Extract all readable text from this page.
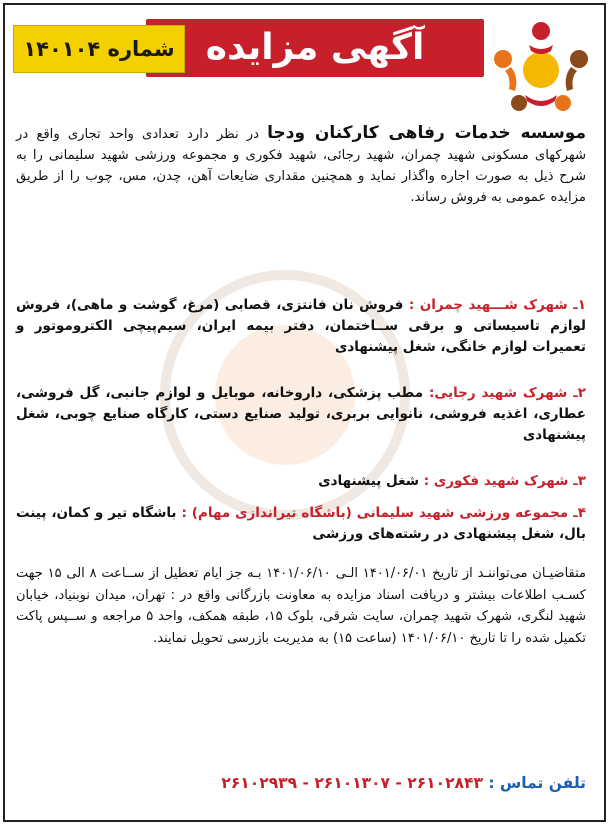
آگهی مزایده
شماره ۱۴۰۱۰۴
موسسه خدمات رفاهی کارکنان ودجا در نظر دارد تعدادی واحد تجاری واقع در شهرکهای مسکونی شهید چمران، شهید رجائی، شهید فکوری و مجموعه ورزشی شهید سلیمانی را به شرح ذیل به صورت اجاره واگذار نماید و همچنین مقداری ضایعات آهن، چدن، مس، چوب را از طریق مزایده عمومی به فروش رساند.
۱ـ شهرک شـــهید چمران : فروش نان فانتزی، قصابی (مرغ، گوشت و ماهی)، فروش لوازم تاسیساتی و برقی ســاختمان، دفتر بیمه ایران، سیم‌پیچی الکتروموتور و تعمیرات لوازم خانگی، شغل پیشنهادی
۲ـ شهرک شهید رجایی: مطب پزشکی، داروخانه، موبایل و لوازم جانبی، گل فروشی، عطاری، اغذیه فروشی، نانوایی بربری، تولید صنایع دستی، کارگاه صنایع چوبی، شغل پیشنهادی
۳ـ شهرک شهید فکوری : شغل پیشنهادی
۴ـ مجموعه ورزشی شهید سلیمانی (باشگاه تیراندازی مهام) : باشگاه تیر و کمان، پینت بال، شغل پیشنهادی در رشته‌های ورزشی
متقاضیـان می‌تواننـد از تاریخ ۱۴۰۱/۰۶/۰۱ الـی ۱۴۰۱/۰۶/۱۰ بـه جز ایام تعطیل از ســاعت ۸ الی ۱۵ جهت کسـب اطلاعات بیشتر و دریافت اسناد مزایده به معاونت بازرگانی واقع در : تهران، میدان نوبنیاد، خیابان شهید لنگری، شهرک شهید چمران، سایت شرقی، بلوک ۱۵، طبقه همکف، واحد ۵ مراجعه و ســپس پاکت تکمیل شده را تا تاریخ ۱۴۰۱/۰۶/۱۰ (ساعت ۱۵) به مدیریت بازرسی تحویل نمایند.
تلفن تماس : ۲۶۱۰۲۸۴۳ - ۲۶۱۰۱۳۰۷ - ۲۶۱۰۲۹۳۹
